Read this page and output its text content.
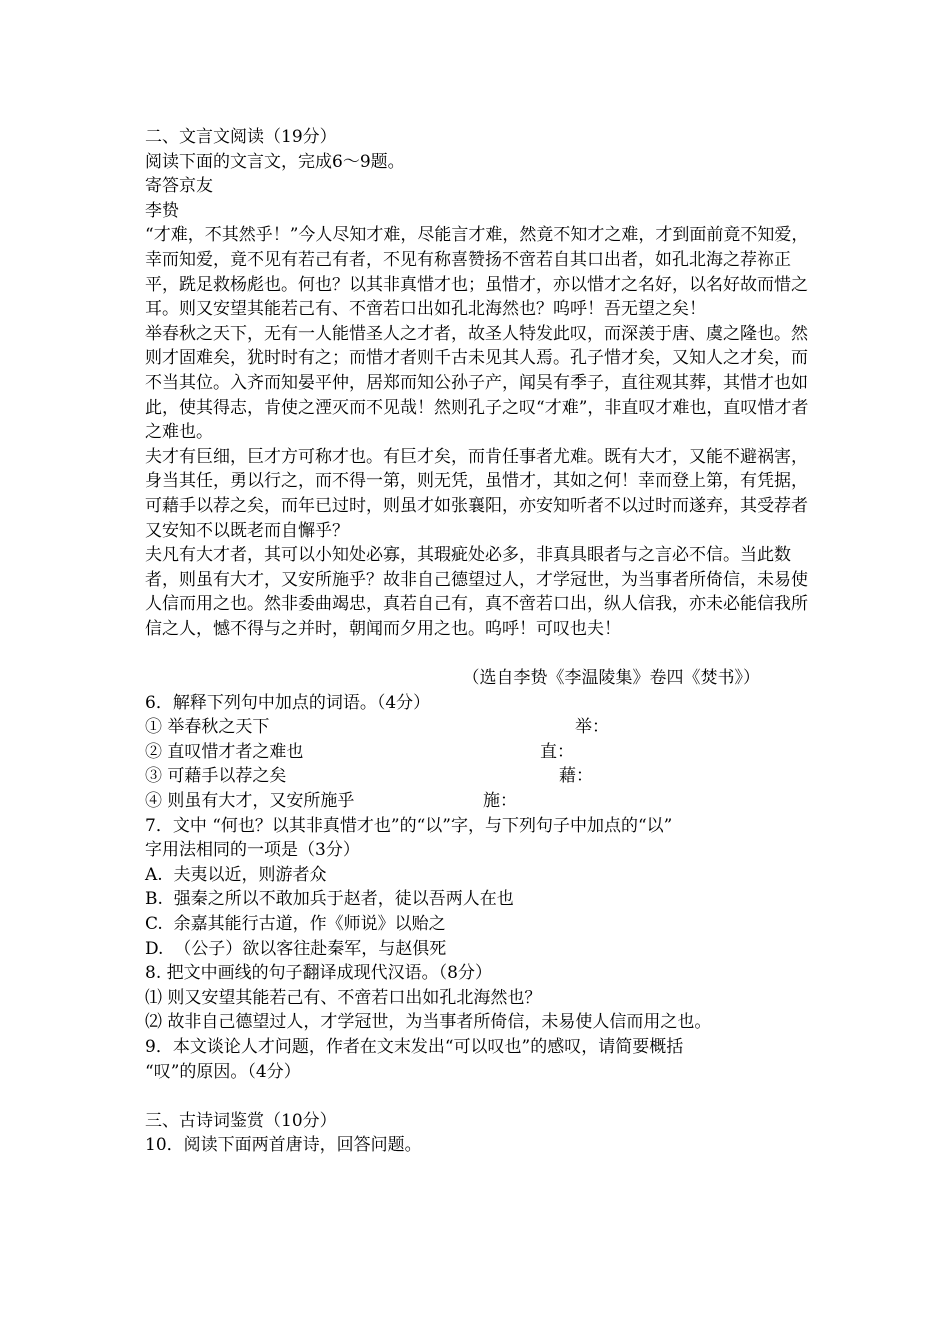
二、文言文阅读（19分）
阅读下面的文言文，完成6～9题。
寄答京友
李贽
“才难，不其然乎！”今人尽知才难，尽能言才难，然竟不知才之难，才到面前竟不知爱，幸而知爱，竟不见有若己有者，不见有称喜赞扬不啻若自其口出者，如孔北海之荐祢正平，跣足救杨彪也。何也？以其非真惜才也；虽惜才，亦以惜才之名好，以名好故而惜之耳。则又安望其能若己有、不啻若口出如孔北海然也？呜呼！吾无望之矣！
举春秋之天下，无有一人能惜圣人之才者，故圣人特发此叹，而深羡于唐、虞之隆也。然则才固难矣，犹时时有之；而惜才者则千古未见其人焉。孔子惜才矣，又知人之才矣，而不当其位。入齐而知晏平仲，居郑而知公孙子产，闻吴有季子，直往观其葬，其惜才也如此，使其得志，肯使之湮灭而不见哉！然则孔子之叹“才难”，非直叹才难也，直叹惜才者之难也。
夫才有巨细，巨才方可称才也。有巨才矣，而肯任事者尤难。既有大才，又能不避祸害，身当其任，勇以行之，而不得一第，则无凭，虽惜才，其如之何！幸而登上第，有凭据，可藉手以荐之矣，而年已过时，则虽才如张襄阳，亦安知听者不以过时而遂弃，其受荐者又安知不以既老而自懈乎？
夫凡有大才者，其可以小知处必寡，其瑕疵处必多，非真具眼者与之言必不信。当此数者，则虽有大才，又安所施乎？故非自己德望过人，才学冠世，为当事者所倚信，未易使人信而用之也。然非委曲竭忠，真若自己有，真不啻若口出，纵人信我，亦未必能信我所信之人，憾不得与之并时，朝闻而夕用之也。呜呼！可叹也夫！
（选自李贽《李温陵集》卷四《焚书》）
6．解释下列句中加点的词语。（4分）
① 举春秋之天下	举：
② 直叹惜才者之难也	直：
③ 可藉手以荐之矣	藉：
④ 则虽有大才，又安所施乎	施：
7．文中 “何也？以其非真惜才也”的“以”字，与下列句子中加点的“以”
字用法相同的一项是（3分）
A.  夫夷以近，则游者众
B.  强秦之所以不敢加兵于赵者，徒以吾两人在也
C.  余嘉其能行古道，作《师说》以贻之
D.  （公子）欲以客往赴秦军，与赵俱死
8. 把文中画线的句子翻译成现代汉语。（8分）
⑴ 则又安望其能若己有、不啻若口出如孔北海然也？
⑵ 故非自己德望过人，才学冠世，为当事者所倚信，未易使人信而用之也。
9．本文谈论人才问题，作者在文末发出“可以叹也”的感叹，请简要概括
“叹”的原因。（4分）
三、古诗词鉴赏（10分）
10．阅读下面两首唐诗，回答问题。
